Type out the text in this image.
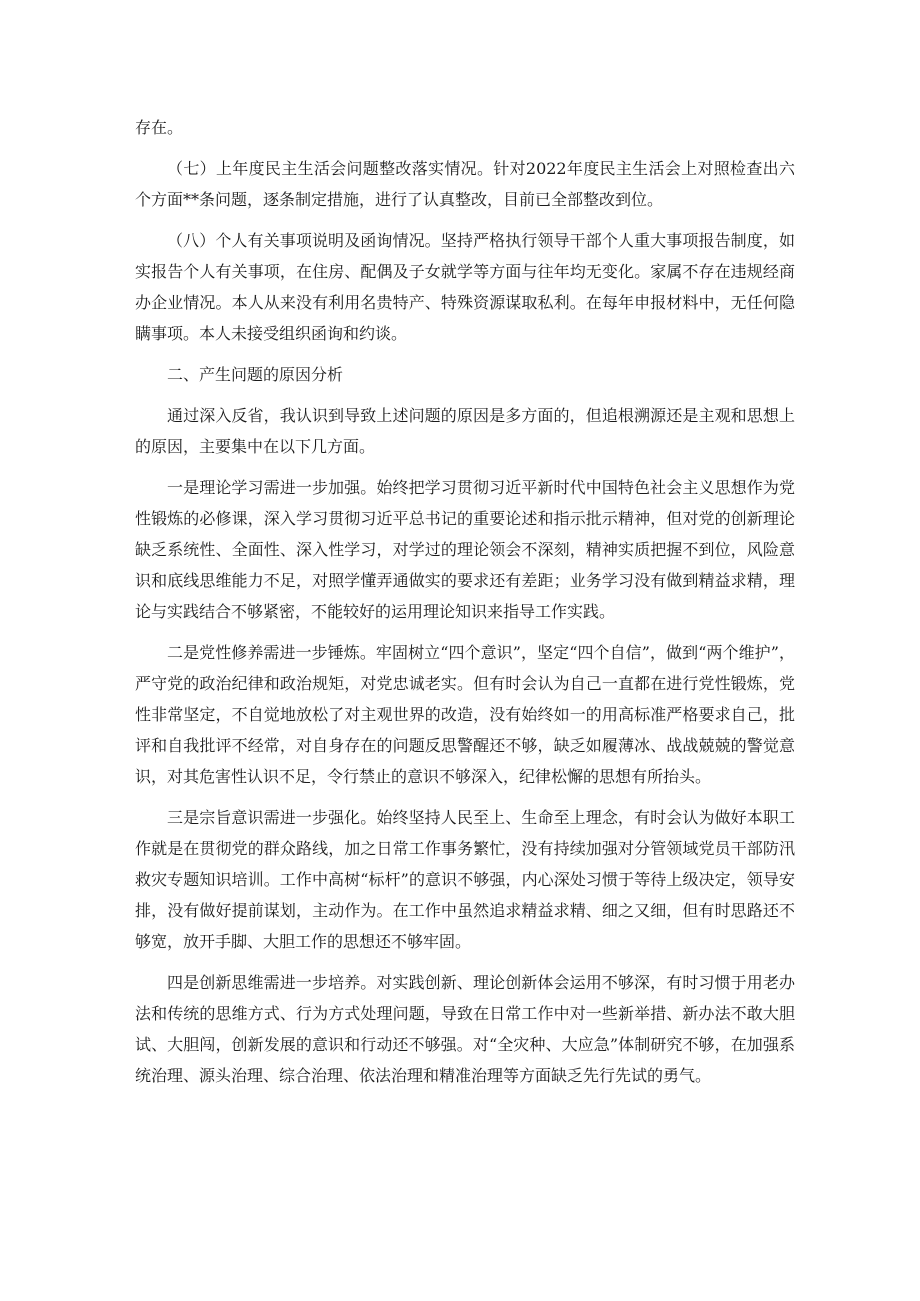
存在。

（七）上年度民主生活会问题整改落实情况。针对2022年度民主生活会上对照检查出六个方面**条问题，逐条制定措施，进行了认真整改，目前已全部整改到位。

（八）个人有关事项说明及函询情况。坚持严格执行领导干部个人重大事项报告制度，如实报告个人有关事项，在住房、配偶及子女就学等方面与往年均无变化。家属不存在违规经商办企业情况。本人从来没有利用名贵特产、特殊资源谋取私利。在每年申报材料中，无任何隐瞒事项。本人未接受组织函询和约谈。

二、产生问题的原因分析

通过深入反省，我认识到导致上述问题的原因是多方面的，但追根溯源还是主观和思想上的原因，主要集中在以下几方面。

一是理论学习需进一步加强。始终把学习贯彻习近平新时代中国特色社会主义思想作为党性锻炼的必修课，深入学习贯彻习近平总书记的重要论述和指示批示精神，但对党的创新理论缺乏系统性、全面性、深入性学习，对学过的理论领会不深刻，精神实质把握不到位，风险意识和底线思维能力不足，对照学懂弄通做实的要求还有差距；业务学习没有做到精益求精，理论与实践结合不够紧密，不能较好的运用理论知识来指导工作实践。

二是党性修养需进一步锤炼。牢固树立“四个意识”，坚定“四个自信”，做到“两个维护”，严守党的政治纪律和政治规矩，对党忠诚老实。但有时会认为自己一直都在进行党性锻炼，党性非常坚定，不自觉地放松了对主观世界的改造，没有始终如一的用高标准严格要求自己，批评和自我批评不经常，对自身存在的问题反思警醒还不够，缺乏如履薄冰、战战兢兢的警觉意识，对其危害性认识不足，令行禁止的意识不够深入，纪律松懈的思想有所抬头。

三是宗旨意识需进一步强化。始终坚持人民至上、生命至上理念，有时会认为做好本职工作就是在贯彻党的群众路线，加之日常工作事务繁忙，没有持续加强对分管领域党员干部防汛救灾专题知识培训。工作中高树“标杆”的意识不够强，内心深处习惯于等待上级决定，领导安排，没有做好提前谋划，主动作为。在工作中虽然追求精益求精、细之又细，但有时思路还不够宽，放开手脚、大胆工作的思想还不够牢固。

四是创新思维需进一步培养。对实践创新、理论创新体会运用不够深，有时习惯于用老办法和传统的思维方式、行为方式处理问题，导致在日常工作中对一些新举措、新办法不敢大胆试、大胆闯，创新发展的意识和行动还不够强。对“全灾种、大应急”体制研究不够，在加强系统治理、源头治理、综合治理、依法治理和精准治理等方面缺乏先行先试的勇气。
